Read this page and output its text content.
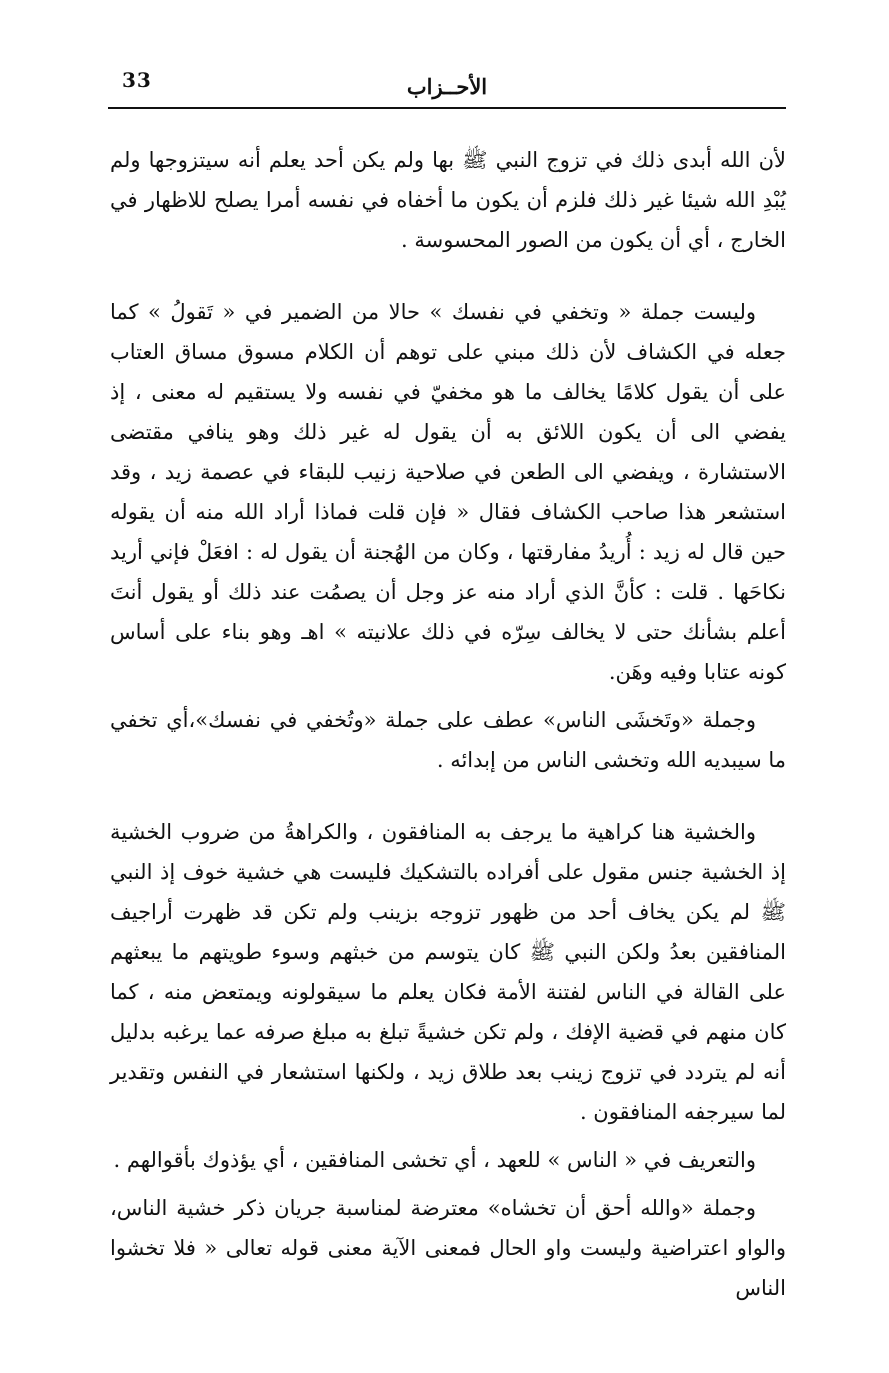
33	الأحــزاب

لأن الله أبدى ذلك في تزوج النبي ﷺ بها ولم يكن أحد يعلم أنه سيتزوجها ولم يُبْدِ الله شيئا غير ذلك فلزم أن يكون ما أخفاه في نفسه أمرا يصلح للاظهار في الخارج ، أي أن يكون من الصور المحسوسة .

وليست جملة « وتخفي في نفسك » حالا من الضمير في « تَقولُ » كما جعله في الكشاف لأن ذلك مبني على توهم أن الكلام مسوق مساق العتاب على أن يقول كلامًا يخالف ما هو مخفيّ في نفسه ولا يستقيم له معنى ، إذ يفضي الى أن يكون اللائق به أن يقول له غير ذلك وهو ينافي مقتضى الاستشارة ، ويفضي الى الطعن في صلاحية زنيب للبقاء في عصمة زيد ، وقد استشعر هذا صاحب الكشاف فقال « فإن قلت فماذا أراد الله منه أن يقوله حين قال له زيد : أُريدُ مفارقتها ، وكان من الهُجنة أن يقول له : افعَلْ فإني أريد نكاحَها . قلت : كأنَّ الذي أراد منه عز وجل أن يصمُت عند ذلك أو يقول أنتَ أعلم بشأنك حتى لا يخالف سِرّه في ذلك علانيته » اهـ وهو بناء على أساس كونه عتابا وفيه وهَن.

وجملة «وتَخشَى الناس» عطف على جملة «وتُخفي في نفسك»،أي تخفي ما سيبديه الله وتخشى الناس من إبدائه .

والخشية هنا كراهية ما يرجف به المنافقون ، والكراهةُ من ضروب الخشية إذ الخشية جنس مقول على أفراده بالتشكيك فليست هي خشية خوف إذ النبي ﷺ لم يكن يخاف أحد من ظهور تزوجه بزينب ولم تكن قد ظهرت أراجيف المنافقين بعدُ ولكن النبي ﷺ كان يتوسم من خبثهم وسوء طويتهم ما يبعثهم على القالة في الناس لفتنة الأمة فكان يعلم ما سيقولونه ويمتعض منه ، كما كان منهم في قضية الإفك ، ولم تكن خشيةً تبلغ به مبلغ صرفه عما يرغبه بدليل أنه لم يتردد في تزوج زينب بعد طلاق زيد ، ولكنها استشعار في النفس وتقدير لما سيرجفه المنافقون .

والتعريف في « الناس » للعهد ، أي تخشى المنافقين ، أي يؤذوك بأقوالهم .

وجملة «والله أحق أن تخشاه» معترضة لمناسبة جريان ذكر خشية الناس، والواو اعتراضية وليست واو الحال فمعنى الآية معنى قوله تعالى « فلا تخشوا الناس
